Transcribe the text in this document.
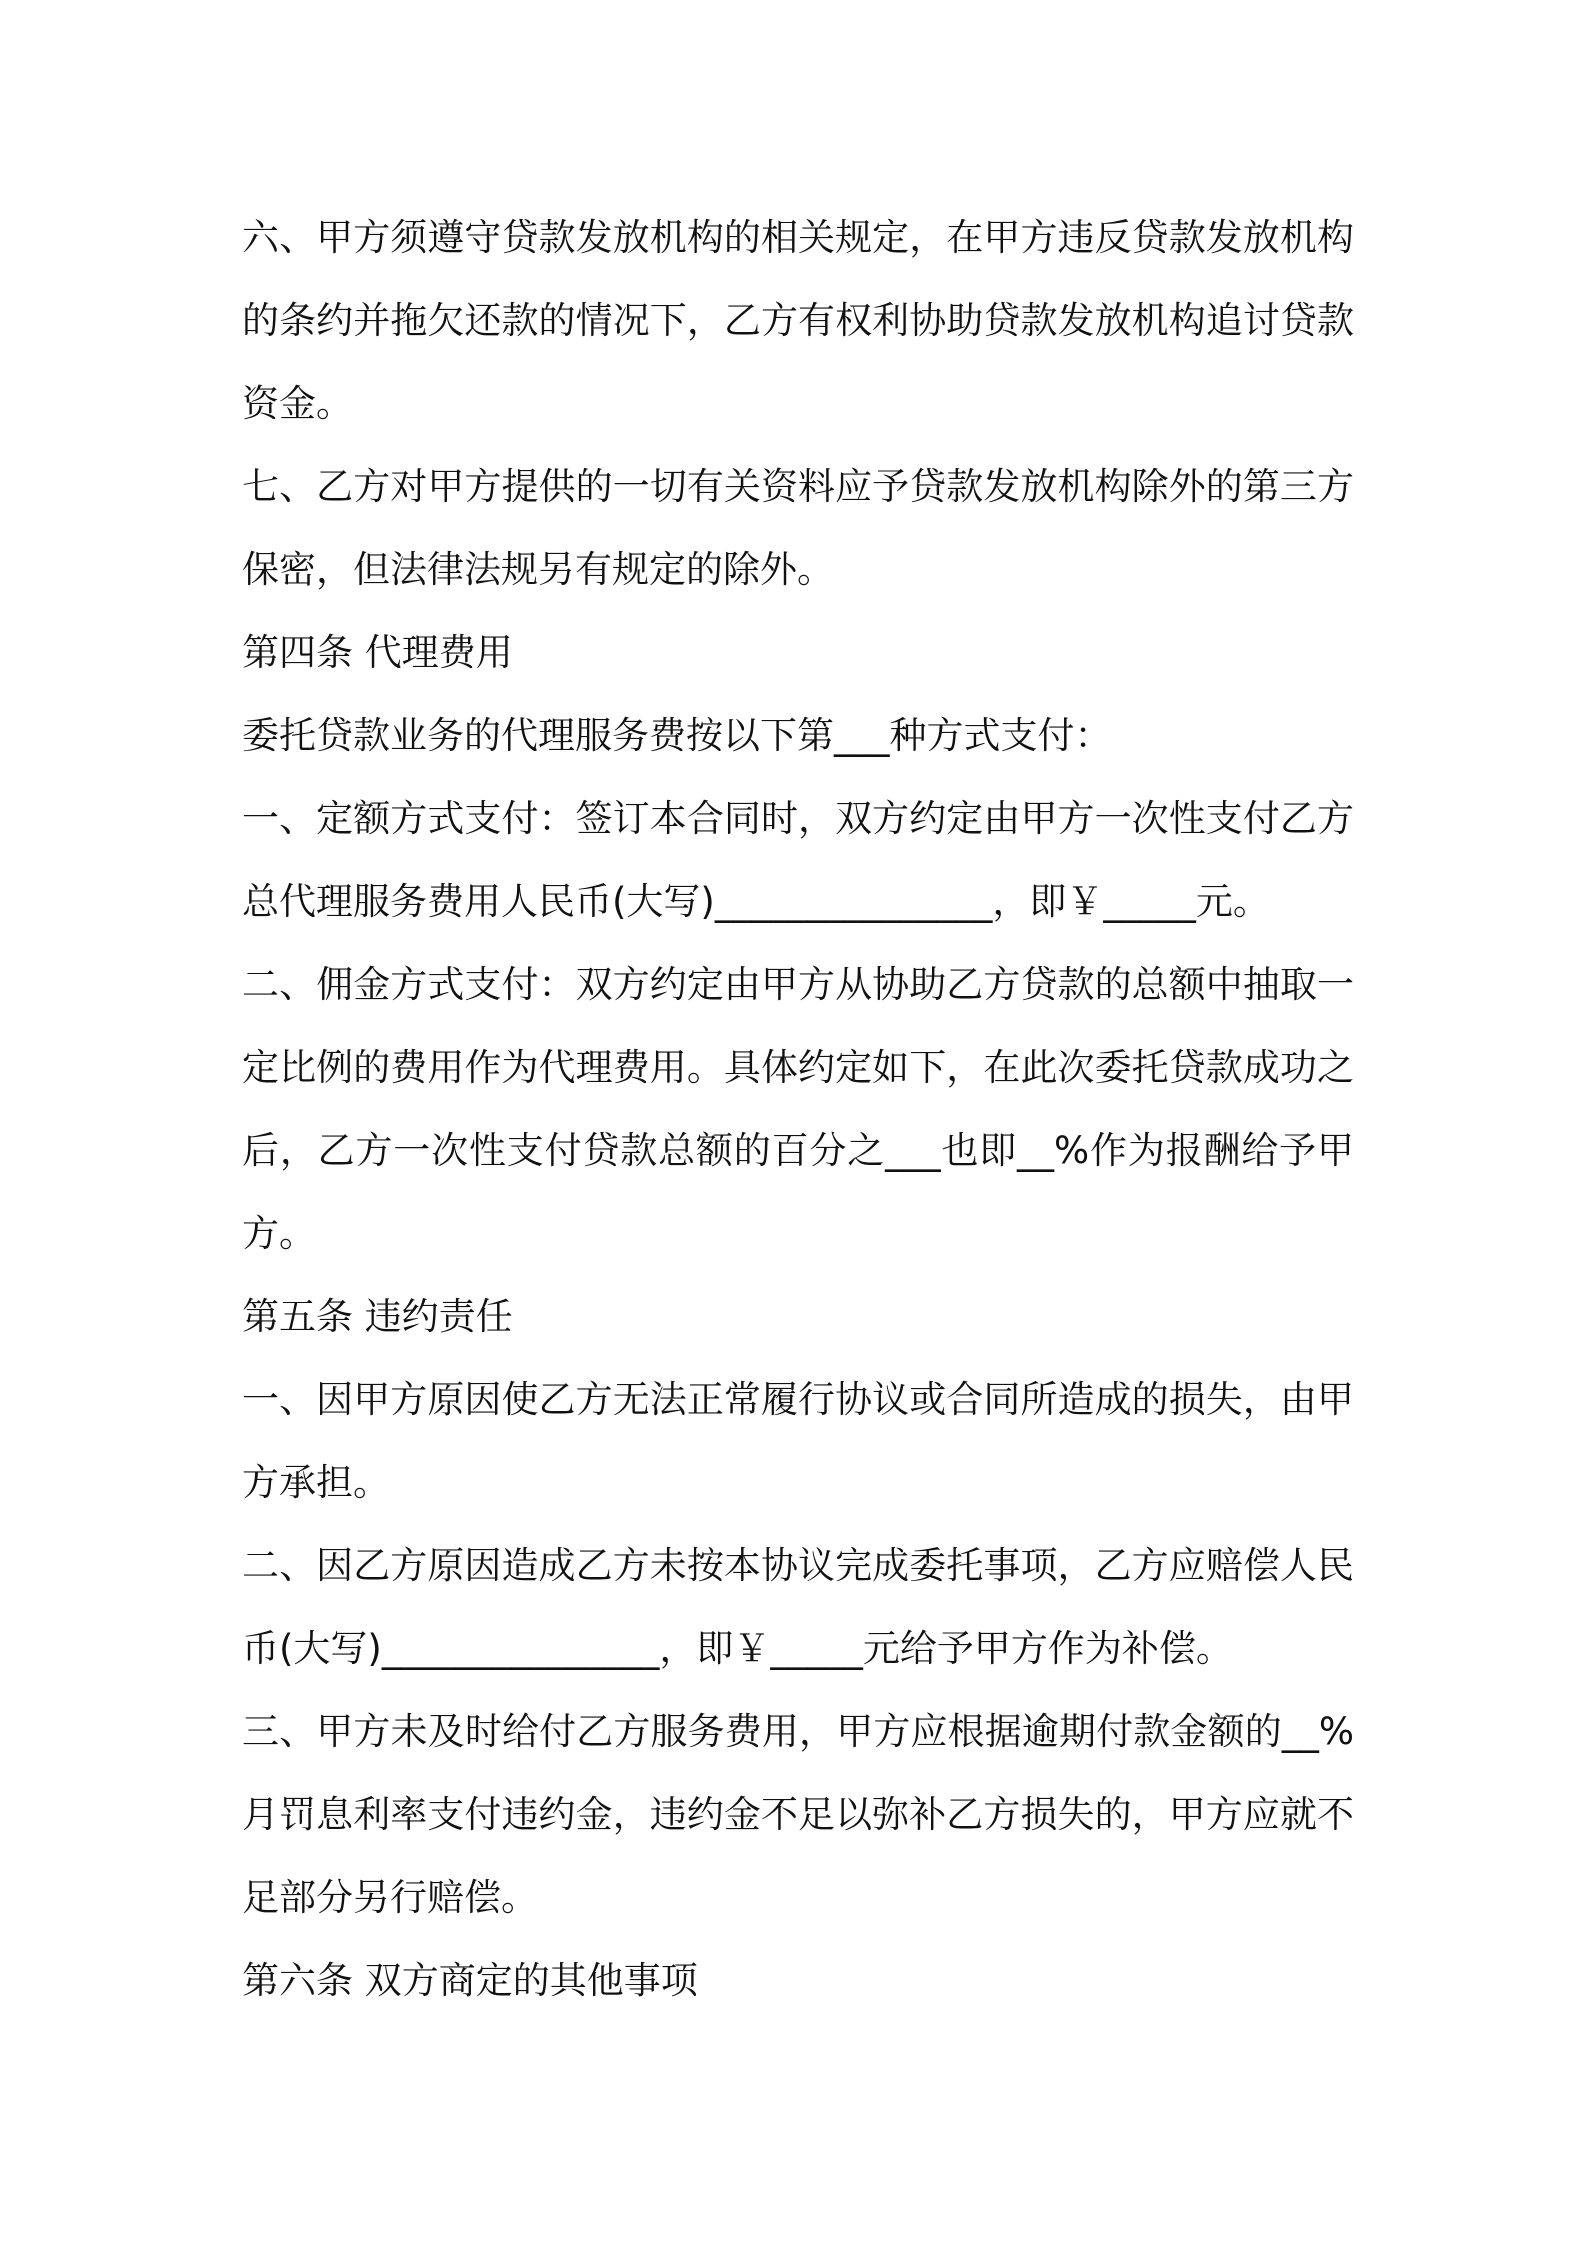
六、甲方须遵守贷款发放机构的相关规定，在甲方违反贷款发放机构的条约并拖欠还款的情况下，乙方有权利协助贷款发放机构追讨贷款资金。

七、乙方对甲方提供的一切有关资料应予贷款发放机构除外的第三方保密，但法律法规另有规定的除外。

第四条 代理费用

委托贷款业务的代理服务费按以下第___种方式支付：

一、定额方式支付：签订本合同时，双方约定由甲方一次性支付乙方总代理服务费用人民币(大写)_______________，即￥_____元。

二、佣金方式支付：双方约定由甲方从协助乙方贷款的总额中抽取一定比例的费用作为代理费用。具体约定如下，在此次委托贷款成功之后，乙方一次性支付贷款总额的百分之___也即__%作为报酬给予甲方。

第五条 违约责任

一、因甲方原因使乙方无法正常履行协议或合同所造成的损失，由甲方承担。

二、因乙方原因造成乙方未按本协议完成委托事项，乙方应赔偿人民币(大写)_______________，即￥_____元给予甲方作为补偿。

三、甲方未及时给付乙方服务费用，甲方应根据逾期付款金额的__%月罚息利率支付违约金，违约金不足以弥补乙方损失的，甲方应就不足部分另行赔偿。

第六条 双方商定的其他事项
